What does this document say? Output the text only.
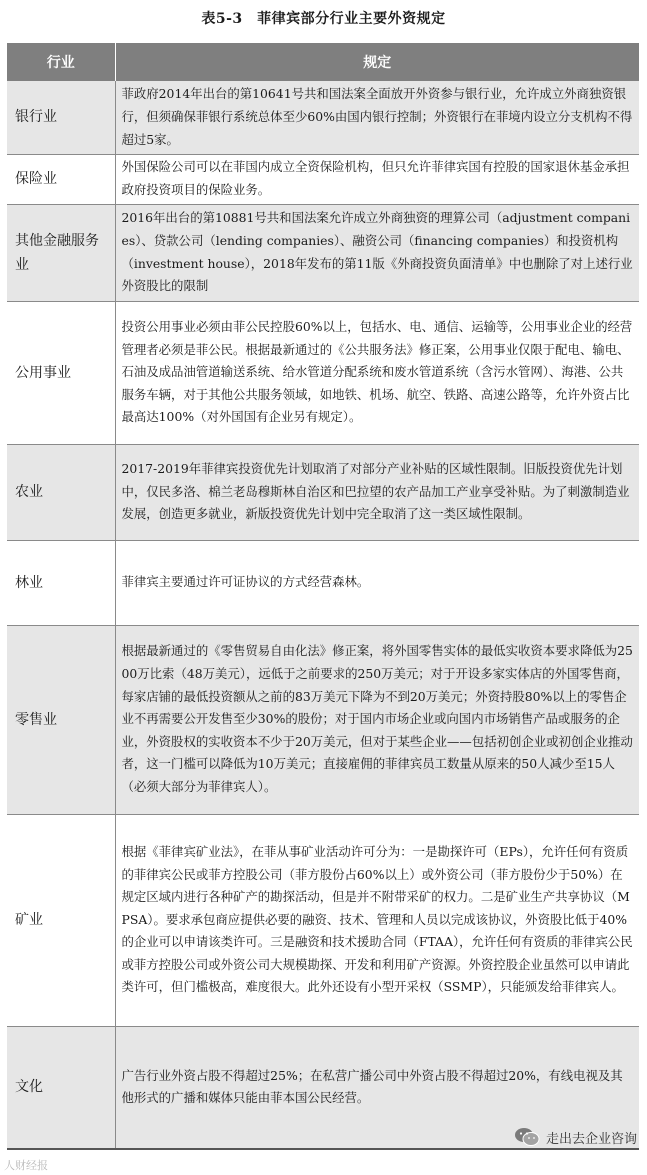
表5-3　菲律宾部分行业主要外资规定
行业	规定
银行业	菲政府2014年出台的第10641号共和国法案全面放开外资参与银行业，允许成立外商独资银行，但须确保菲银行系统总体至少60%由国内银行控制；外资银行在菲境内设立分支机构不得超过5家。
保险业	外国保险公司可以在菲国内成立全资保险机构，但只允许菲律宾国有控股的国家退休基金承担政府投资项目的保险业务。
其他金融服务业	2016年出台的第10881号共和国法案允许成立外商独资的理算公司（adjustment companies）、贷款公司（lending companies）、融资公司（financing companies）和投资机构（investment house），2018年发布的第11版《外商投资负面清单》中也删除了对上述行业外资股比的限制
公用事业	投资公用事业必须由菲公民控股60%以上，包括水、电、通信、运输等，公用事业企业的经营管理者必须是菲公民。根据最新通过的《公共服务法》修正案，公用事业仅限于配电、输电、石油及成品油管道输送系统、给水管道分配系统和废水管道系统（含污水管网）、海港、公共服务车辆，对于其他公共服务领域，如地铁、机场、航空、铁路、高速公路等，允许外资占比最高达100%（对外国国有企业另有规定）。
农业	2017-2019年菲律宾投资优先计划取消了对部分产业补贴的区域性限制。旧版投资优先计划中，仅民多洛、棉兰老岛穆斯林自治区和巴拉望的农产品加工产业享受补贴。为了刺激制造业发展，创造更多就业，新版投资优先计划中完全取消了这一类区域性限制。
林业	菲律宾主要通过许可证协议的方式经营森林。
零售业	根据最新通过的《零售贸易自由化法》修正案，将外国零售实体的最低实收资本要求降低为2500万比索（48万美元），远低于之前要求的250万美元；对于开设多家实体店的外国零售商，每家店铺的最低投资额从之前的83万美元下降为不到20万美元；外资持股80%以上的零售企业不再需要公开发售至少30%的股份；对于国内市场企业或向国内市场销售产品或服务的企业，外资股权的实收资本不少于20万美元，但对于某些企业——包括初创企业或初创企业推动者，这一门槛可以降低为10万美元；直接雇佣的菲律宾员工数量从原来的50人减少至15人（必须大部分为菲律宾人）。
矿业	根据《菲律宾矿业法》，在菲从事矿业活动许可分为：一是勘探许可（EPs），允许任何有资质的菲律宾公民或菲方控股公司（菲方股份占60%以上）或外资公司（菲方股份少于50%）在规定区域内进行各种矿产的勘探活动，但是并不附带采矿的权力。二是矿业生产共享协议（MPSA）。要求承包商应提供必要的融资、技术、管理和人员以完成该协议，外资股比低于40%的企业可以申请该类许可。三是融资和技术援助合同（FTAA），允许任何有资质的菲律宾公民或菲方控股公司或外资公司大规模勘探、开发和利用矿产资源。外资控股企业虽然可以申请此类许可，但门槛极高，难度很大。此外还设有小型开采权（SSMP），只能颁发给菲律宾人。
文化	广告行业外资占股不得超过25%；在私营广播公司中外资占股不得超过20%，有线电视及其他形式的广播和媒体只能由菲本国公民经营。
走出去企业咨询
人财经报
